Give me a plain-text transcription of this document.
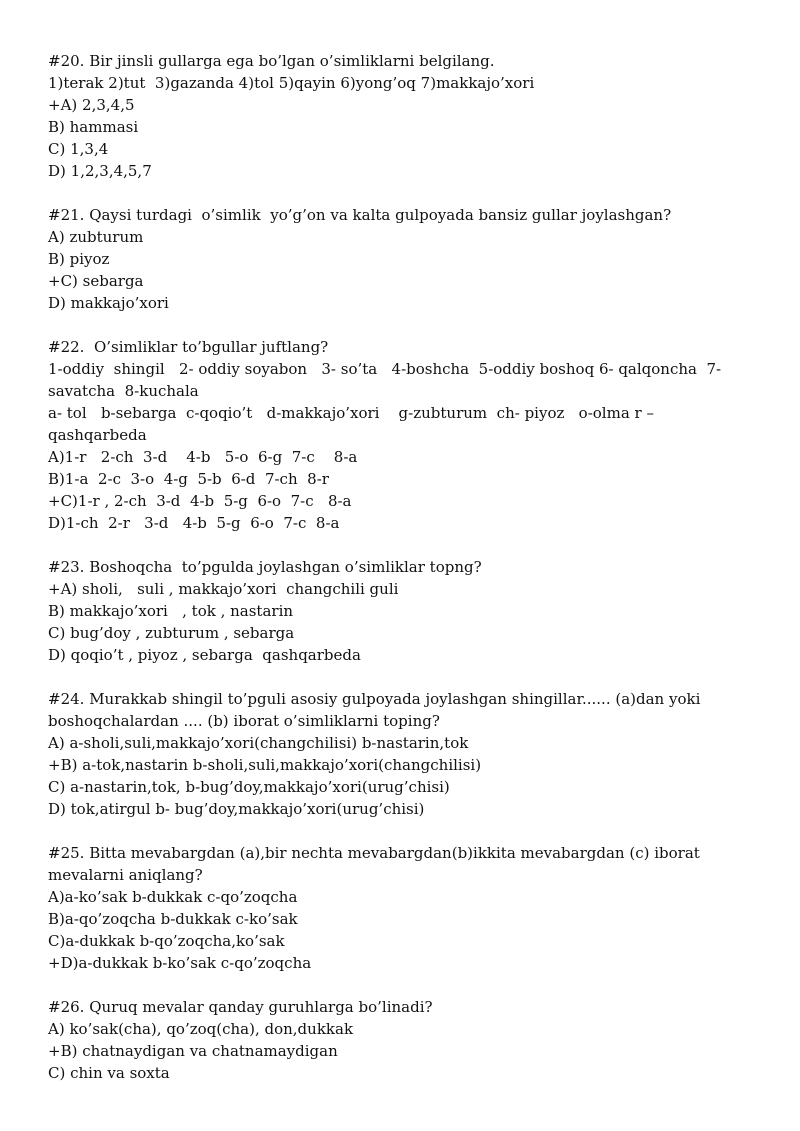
#20. Bir jinsli gullarga ega bo’lgan o’simliklarni belgilang.
1)terak 2)tut  3)gazanda 4)tol 5)qayin 6)yong’oq 7)makkajo’xori
+A) 2,3,4,5
B) hammasi
C) 1,3,4
D) 1,2,3,4,5,7
#21. Qaysi turdagi  o’simlik  yo’g’on va kalta gulpoyada bansiz gullar joylashgan?
A) zubturum
B) piyoz
+C) sebarga
D) makkajo’xori
#22.  O’simliklar to’bgullar juftlang?
1-oddiy  shingil   2- oddiy soyabon   3- so’ta   4-boshcha  5-oddiy boshoq 6- qalqoncha  7-
savatcha  8-kuchala
a- tol   b-sebarga  c-qoqio’t   d-makkajo’xori    g-zubturum  ch- piyoz   o-olma r –
qashqarbeda
A)1-r   2-ch  3-d    4-b   5-o  6-g  7-c    8-a
B)1-a  2-c  3-o  4-g  5-b  6-d  7-ch  8-r
+C)1-r , 2-ch  3-d  4-b  5-g  6-o  7-c   8-a
D)1-ch  2-r   3-d   4-b  5-g  6-o  7-c  8-a
#23. Boshoqcha  to’pgulda joylashgan o’simliklar topng?
+A) sholi,   suli , makkajo’xori  changchili guli
B) makkajo’xori   , tok , nastarin
C) bug’doy , zubturum , sebarga
D) qoqio’t , piyoz , sebarga  qashqarbeda
#24. Murakkab shingil to’pguli asosiy gulpoyada joylashgan shingillar...... (a)dan yoki
boshoqchalardan .... (b) iborat o’simliklarni toping?
A) a-sholi,suli,makkajo’xori(changchilisi) b-nastarin,tok
+B) a-tok,nastarin b-sholi,suli,makkajo’xori(changchilisi)
C) a-nastarin,tok, b-bug’doy,makkajo’xori(urug’chisi)
D) tok,atirgul b- bug’doy,makkajo’xori(urug’chisi)
#25. Bitta mevabargdan (a),bir nechta mevabargdan(b)ikkita mevabargdan (c) iborat
mevalarni aniqlang?
A)a-ko’sak b-dukkak c-qo’zoqcha
B)a-qo’zoqcha b-dukkak c-ko’sak
C)a-dukkak b-qo’zoqcha,ko’sak
+D)a-dukkak b-ko’sak c-qo’zoqcha
#26. Quruq mevalar qanday guruhlarga bo’linadi?
A) ko’sak(cha), qo’zoq(cha), don,dukkak
+B) chatnaydigan va chatnamaydigan
C) chin va soxta
